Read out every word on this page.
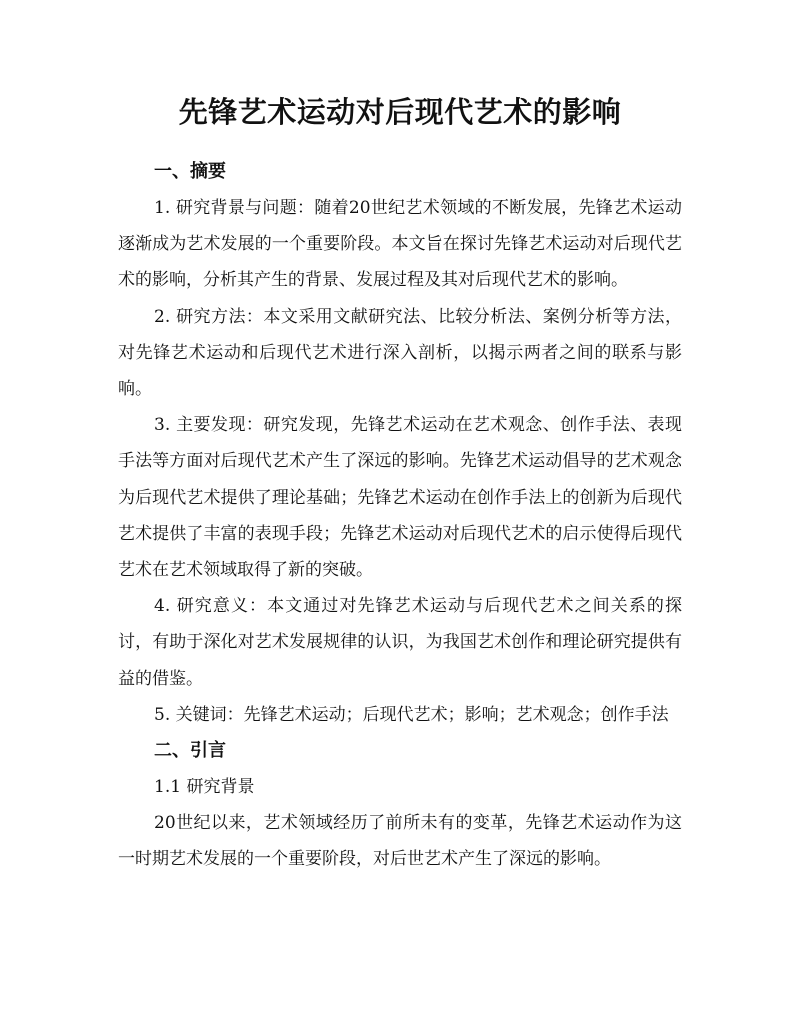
先锋艺术运动对后现代艺术的影响
一、摘要

1. 研究背景与问题：随着20世纪艺术领域的不断发展，先锋艺术运动逐渐成为艺术发展的一个重要阶段。本文旨在探讨先锋艺术运动对后现代艺术的影响，分析其产生的背景、发展过程及其对后现代艺术的影响。

2. 研究方法：本文采用文献研究法、比较分析法、案例分析等方法，对先锋艺术运动和后现代艺术进行深入剖析，以揭示两者之间的联系与影响。

3. 主要发现：研究发现，先锋艺术运动在艺术观念、创作手法、表现手法等方面对后现代艺术产生了深远的影响。先锋艺术运动倡导的艺术观念为后现代艺术提供了理论基础；先锋艺术运动在创作手法上的创新为后现代艺术提供了丰富的表现手段；先锋艺术运动对后现代艺术的启示使得后现代艺术在艺术领域取得了新的突破。

4. 研究意义：本文通过对先锋艺术运动与后现代艺术之间关系的探讨，有助于深化对艺术发展规律的认识，为我国艺术创作和理论研究提供有益的借鉴。

5. 关键词：先锋艺术运动；后现代艺术；影响；艺术观念；创作手法

二、引言

1.1 研究背景

20世纪以来，艺术领域经历了前所未有的变革，先锋艺术运动作为这一时期艺术发展的一个重要阶段，对后世艺术产生了深远的影响。
